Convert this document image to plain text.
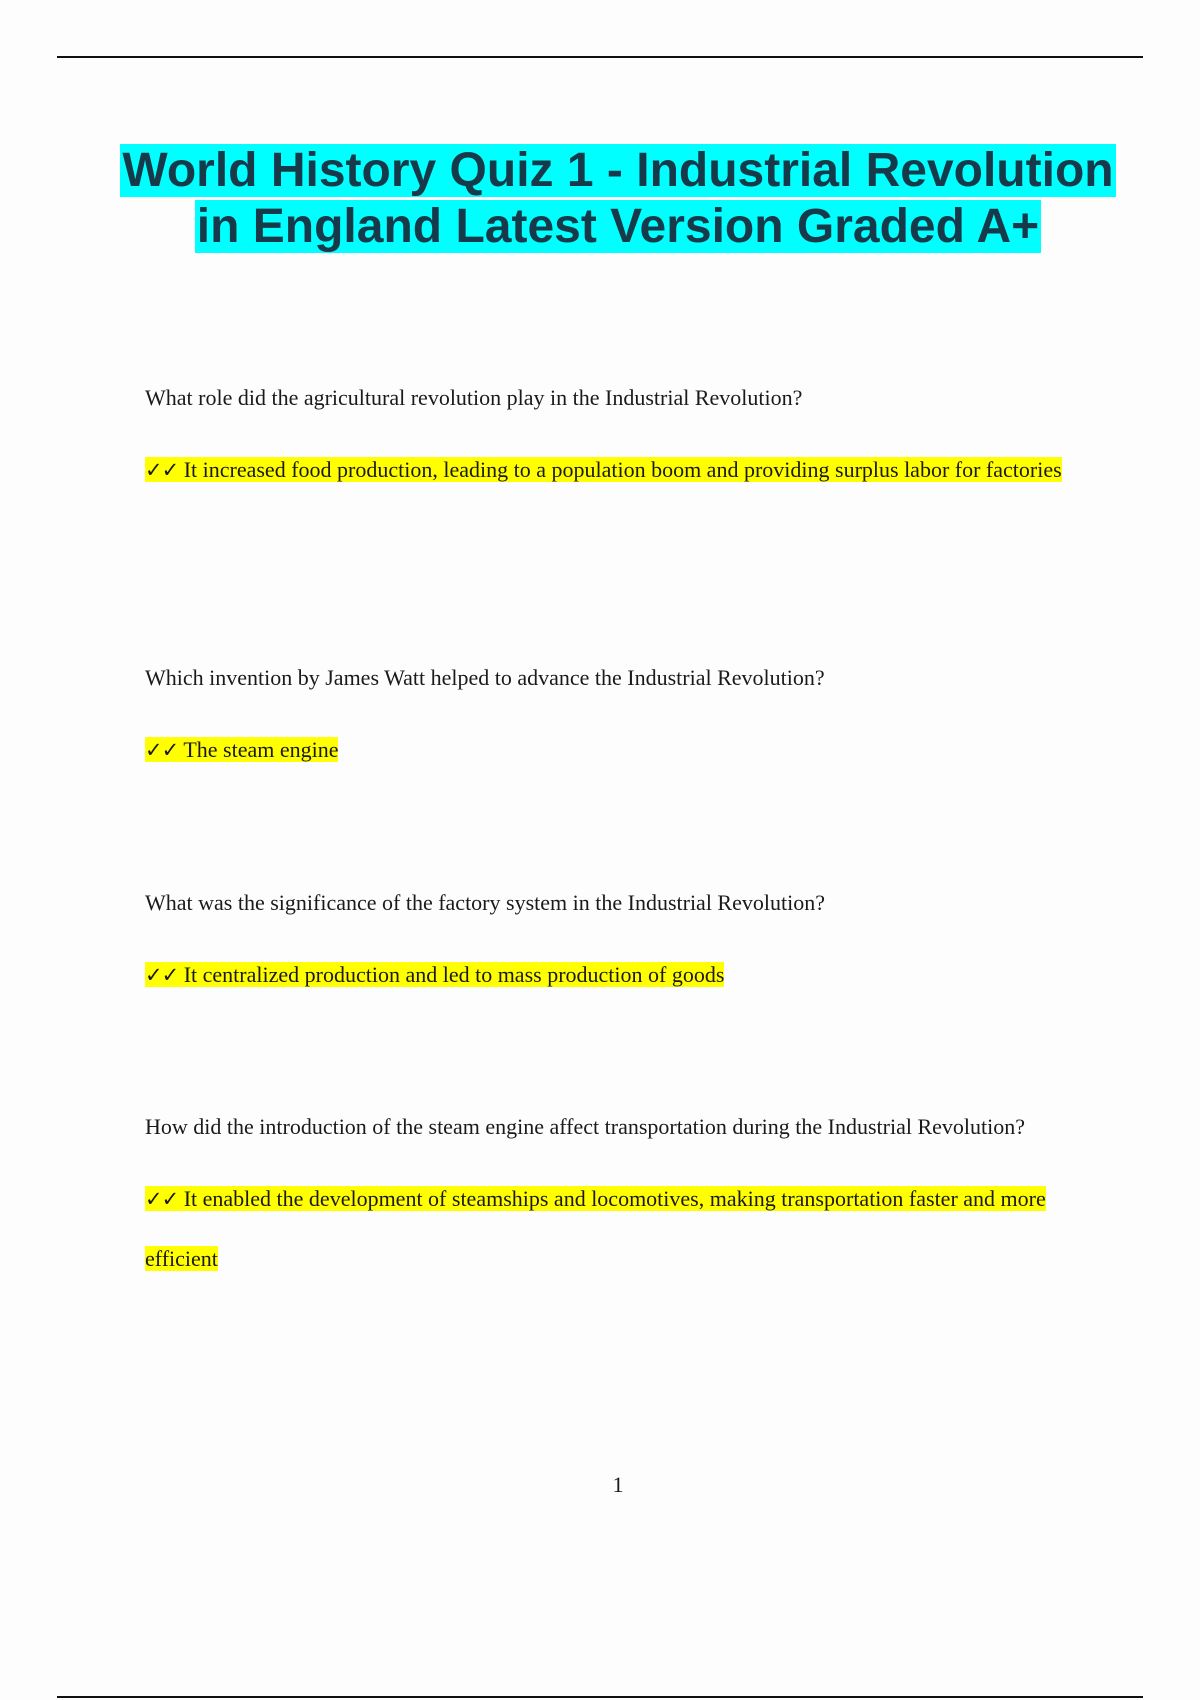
World History Quiz 1 - Industrial Revolution in England Latest Version Graded A+
What role did the agricultural revolution play in the Industrial Revolution?
✓✓ It increased food production, leading to a population boom and providing surplus labor for factories
Which invention by James Watt helped to advance the Industrial Revolution?
✓✓ The steam engine
What was the significance of the factory system in the Industrial Revolution?
✓✓ It centralized production and led to mass production of goods
How did the introduction of the steam engine affect transportation during the Industrial Revolution?
✓✓ It enabled the development of steamships and locomotives, making transportation faster and more efficient
1
